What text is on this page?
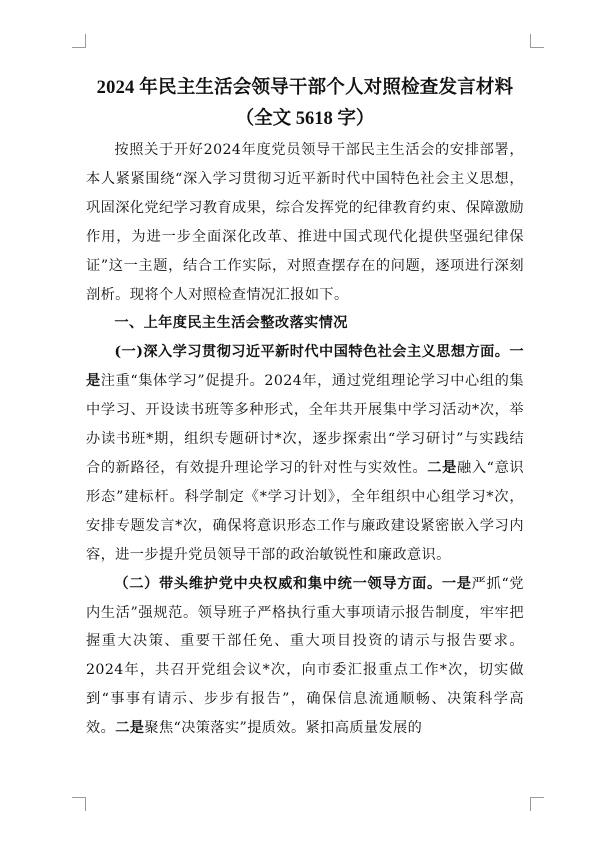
2024 年民主生活会领导干部个人对照检查发言材料
（全文 5618 字）

按照关于开好2024年度党员领导干部民主生活会的安排部署，本人紧紧围绕“深入学习贯彻习近平新时代中国特色社会主义思想，巩固深化党纪学习教育成果，综合发挥党的纪律教育约束、保障激励作用，为进一步全面深化改革、推进中国式现代化提供坚强纪律保证”这一主题，结合工作实际，对照查摆存在的问题，逐项进行深刻剖析。现将个人对照检查情况汇报如下。

一、上年度民主生活会整改落实情况

(一)深入学习贯彻习近平新时代中国特色社会主义思想方面。一是注重“集体学习”促提升。2024年，通过党组理论学习中心组的集中学习、开设读书班等多种形式，全年共开展集中学习活动*次，举办读书班*期，组织专题研讨*次，逐步探索出“学习研讨”与实践结合的新路径，有效提升理论学习的针对性与实效性。二是融入“意识形态”建标杆。科学制定《*学习计划》，全年组织中心组学习*次，安排专题发言*次，确保将意识形态工作与廉政建设紧密嵌入学习内容，进一步提升党员领导干部的政治敏锐性和廉政意识。

（二）带头维护党中央权威和集中统一领导方面。一是严抓“党内生活”强规范。领导班子严格执行重大事项请示报告制度，牢牢把握重大决策、重要干部任免、重大项目投资的请示与报告要求。2024年，共召开党组会议*次，向市委汇报重点工作*次，切实做到“事事有请示、步步有报告”，确保信息流通顺畅、决策科学高效。二是聚焦“决策落实”提质效。紧扣高质量发展的
